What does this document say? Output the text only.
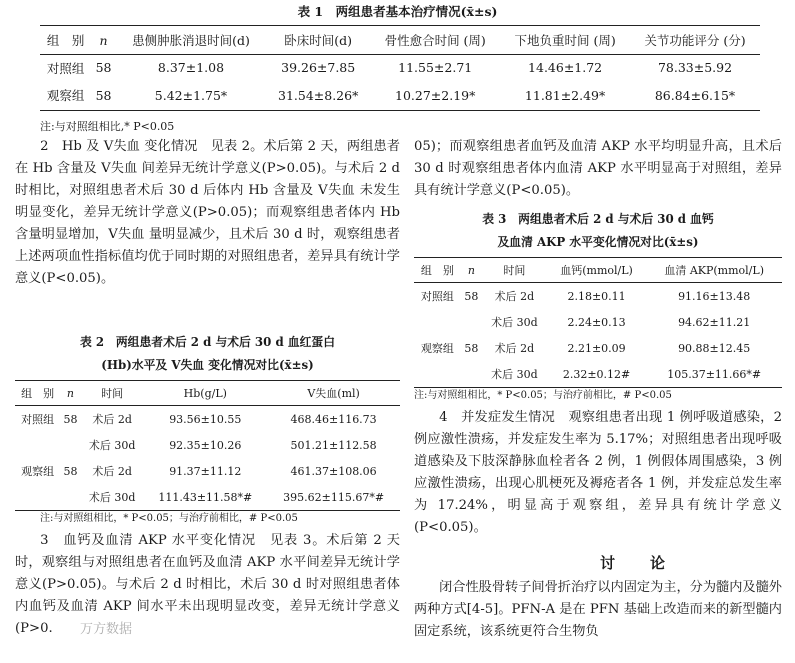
表 1　两组患者基本治疗情况(x̄±s)
组　别	n	患侧肿胀消退时间(d)	卧床时间(d)	骨性愈合时间 (周)	下地负重时间 (周)	关节功能评分 (分)
对照组	58	8.37±1.08	39.26±7.85	11.55±2.71	14.46±1.72	78.33±5.92
观察组	58	5.42±1.75*	31.54±8.26*	10.27±2.19*	11.81±2.49*	86.84±6.15*
注:与对照组相比,* P<0.05

2　Hb 及 V失血 变化情况　见表 2。术后第 2 天，两组患者在 Hb 含量及 V失血 间差异无统计学意义(P>0.05)。与术后 2 d 时相比，对照组患者术后 30 d 后体内 Hb 含量及 V失血 未发生明显变化，差异无统计学意义(P>0.05)；而观察组患者体内 Hb 含量明显增加，V失血 量明显减少，且术后 30 d 时，观察组患者上述两项血性指标值均优于同时期的对照组患者，差异具有统计学意义(P<0.05)。

表 2　两组患者术后 2 d 与术后 30 d 血红蛋白
(Hb)水平及 V失血 变化情况对比(x̄±s)
组　别	n	时间	Hb(g/L)	V失血(ml)
对照组	58	术后 2d	93.56±10.55	468.46±116.73
		术后 30d	92.35±10.26	501.21±112.58
观察组	58	术后 2d	91.37±11.12	461.37±108.06
		术后 30d	111.43±11.58*#	395.62±115.67*#
注:与对照组相比，* P<0.05；与治疗前相比，# P<0.05

3　血钙及血清 AKP 水平变化情况　见表 3。术后第 2 天时，观察组与对照组患者在血钙及血清 AKP 水平间差异无统计学意义(P>0.05)。与术后 2 d 时相比，术后 30 d 时对照组患者体内血钙及血清 AKP 间水平未出现明显改变，差异无统计学意义(P>0.

05)；而观察组患者血钙及血清 AKP 水平均明显升高，且术后 30 d 时观察组患者体内血清 AKP 水平明显高于对照组，差异具有统计学意义(P<0.05)。

表 3　两组患者术后 2 d 与术后 30 d 血钙
及血清 AKP 水平变化情况对比(x̄±s)
组　别	n	时间	血钙(mmol/L)	血清 AKP(mmol/L)
对照组	58	术后 2d	2.18±0.11	91.16±13.48
		术后 30d	2.24±0.13	94.62±11.21
观察组	58	术后 2d	2.21±0.09	90.88±12.45
		术后 30d	2.32±0.12#	105.37±11.66*#
注:与对照组相比，* P<0.05；与治疗前相比，# P<0.05

4　并发症发生情况　观察组患者出现 1 例呼吸道感染，2 例应激性溃疡，并发症发生率为 5.17%；对照组患者出现呼吸道感染及下肢深静脉血栓者各 2 例，1 例假体周围感染，3 例应激性溃疡，出现心肌梗死及褥疮者各 1 例，并发症总发生率为 17.24%，明显高于观察组，差异具有统计学意义(P<0.05)。

讨　论

闭合性股骨转子间骨折治疗以内固定为主，分为髓内及髓外两种方式[4-5]。PFN-A 是在 PFN 基础上改造而来的新型髓内固定系统，该系统更符合生物负

万方数据
